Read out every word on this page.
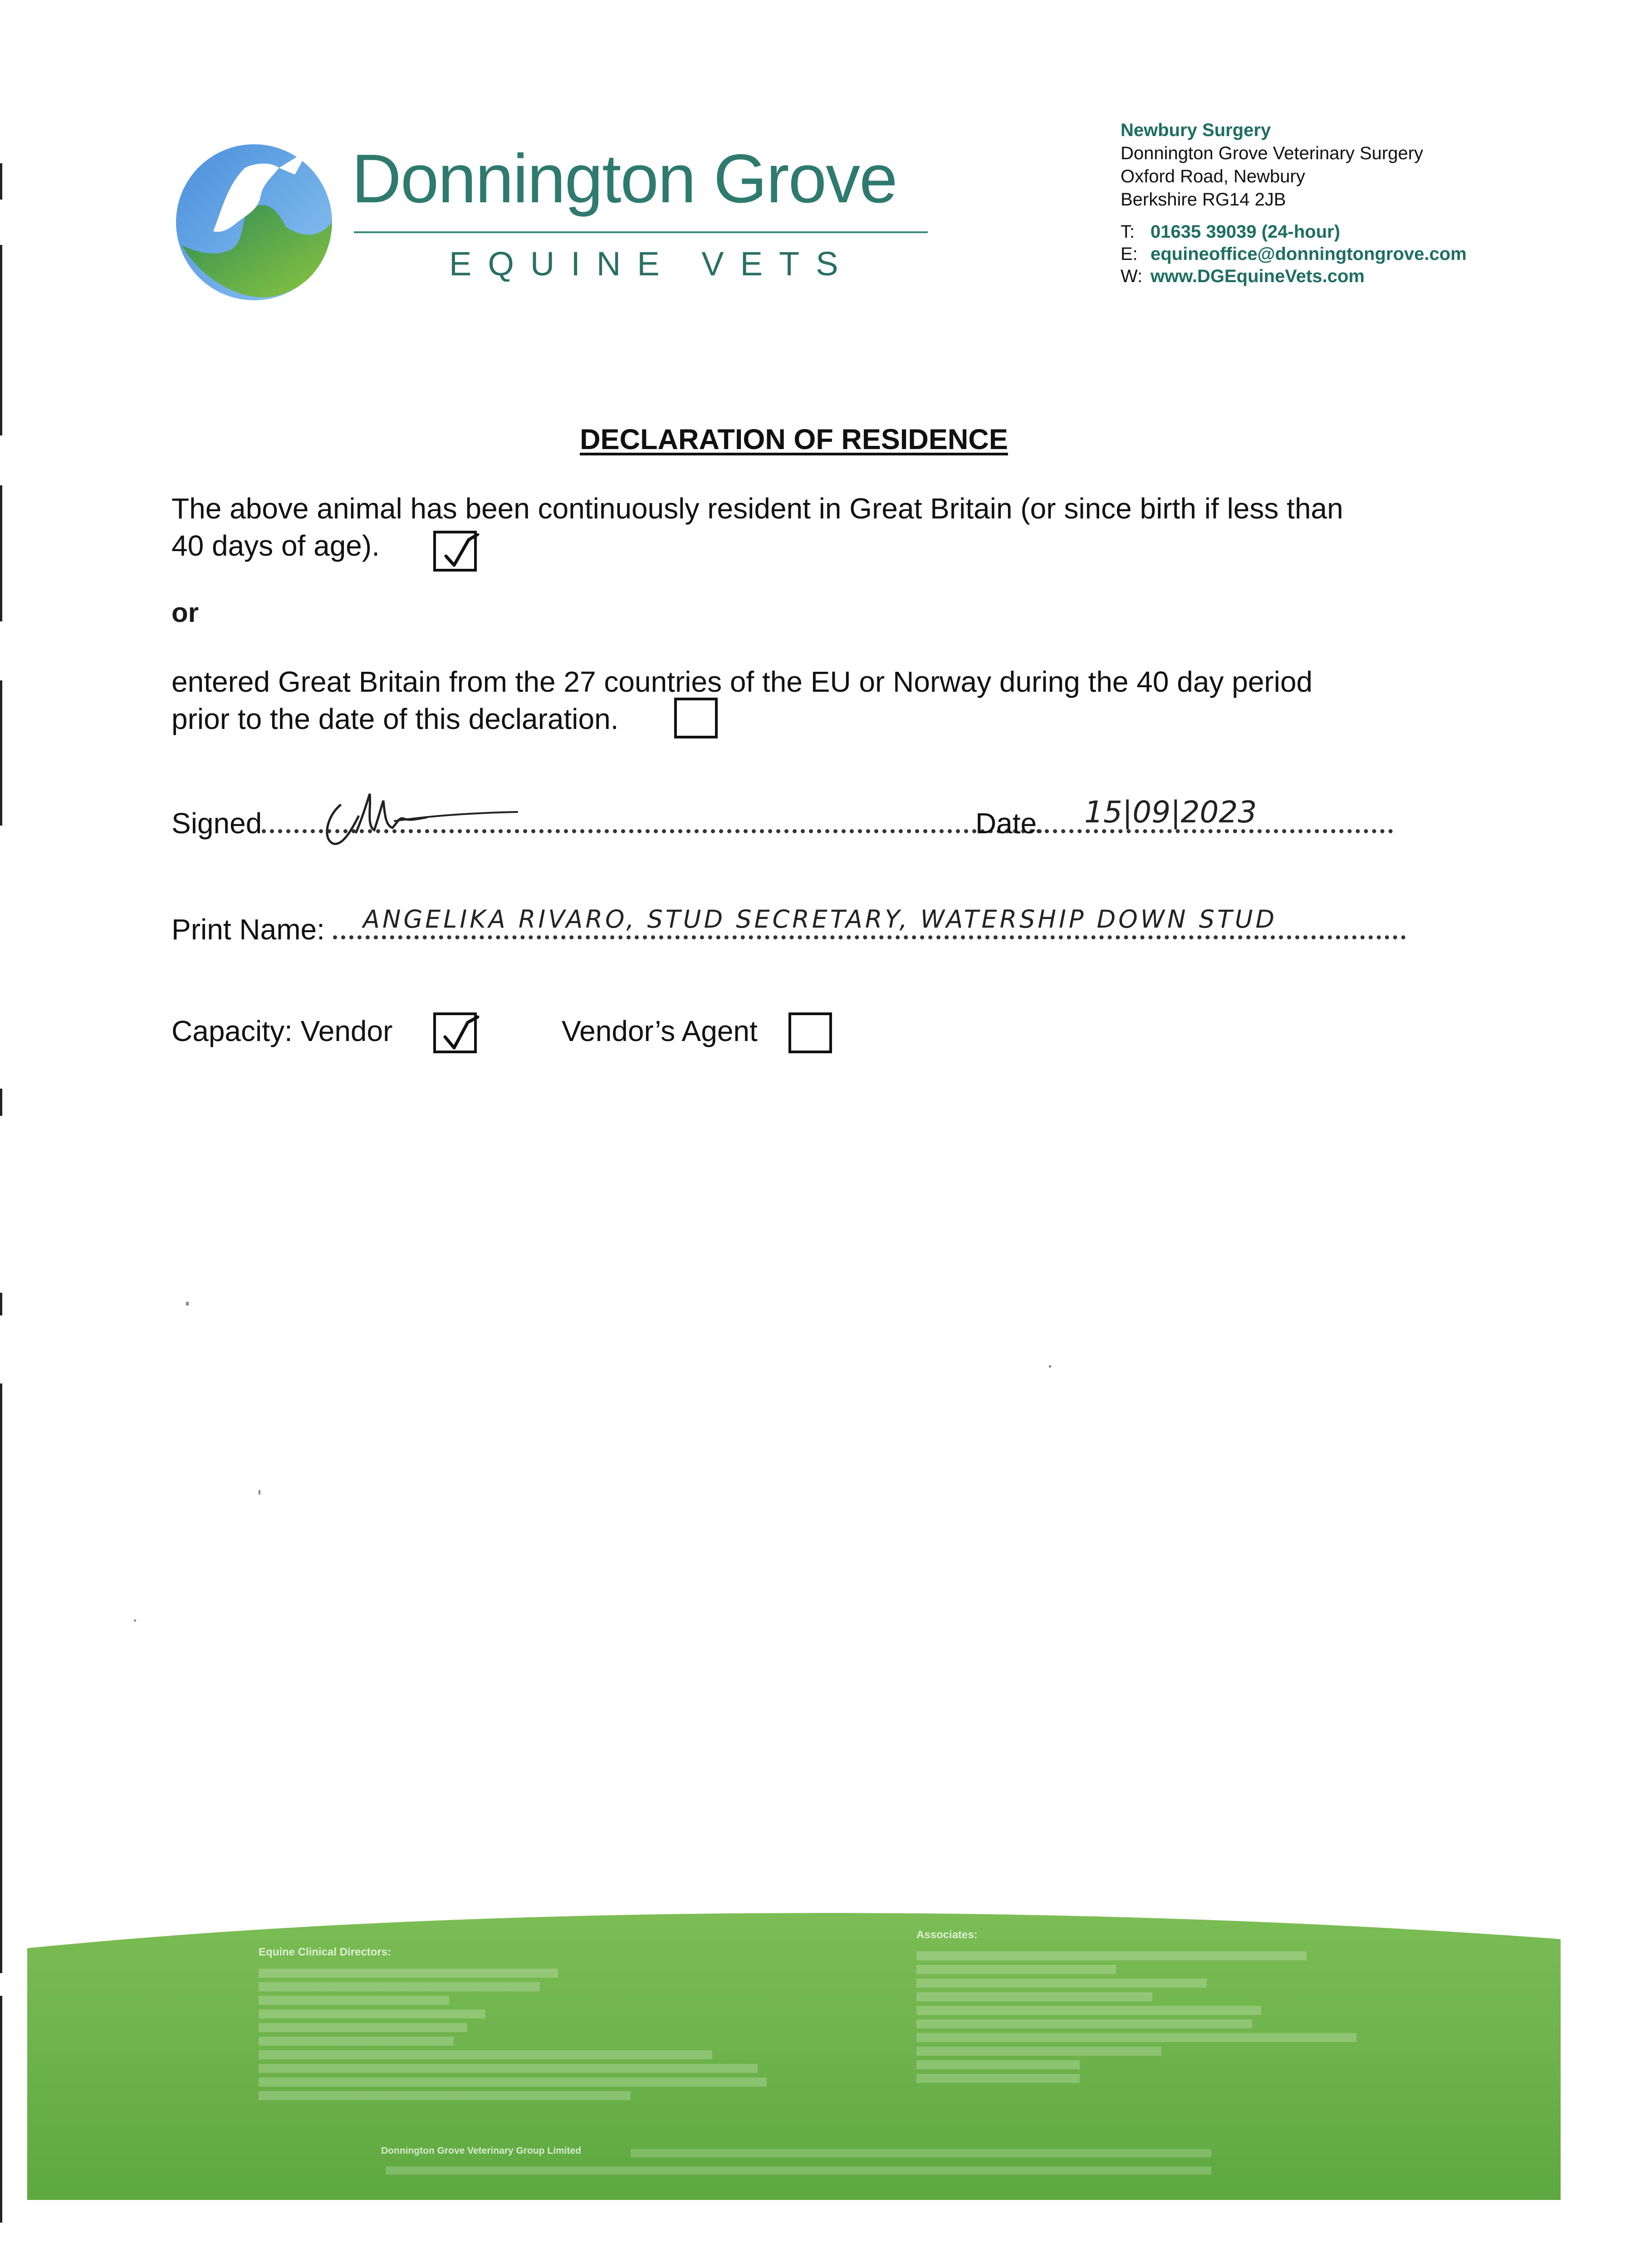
Donnington Grove
EQUINE VETS
Newbury Surgery
Donnington Grove Veterinary Surgery
Oxford Road, Newbury
Berkshire RG14 2JB
T: 01635 39039 (24-hour)
E: equineoffice@donningtongrove.com
W: www.DGEquineVets.com
DECLARATION OF RESIDENCE
The above animal has been continuously resident in Great Britain (or since birth if less than
40 days of age).
or
entered Great Britain from the 27 countries of the EU or Norway during the 40 day period
prior to the date of this declaration.
Signed	Date	15|09|2023
Print Name:	ANGELIKA RIVARO, STUD SECRETARY, WATERSHIP DOWN STUD
Capacity: Vendor	Vendor’s Agent
Equine Clinical Directors:
Associates:
Donnington Grove Veterinary Group Limited
